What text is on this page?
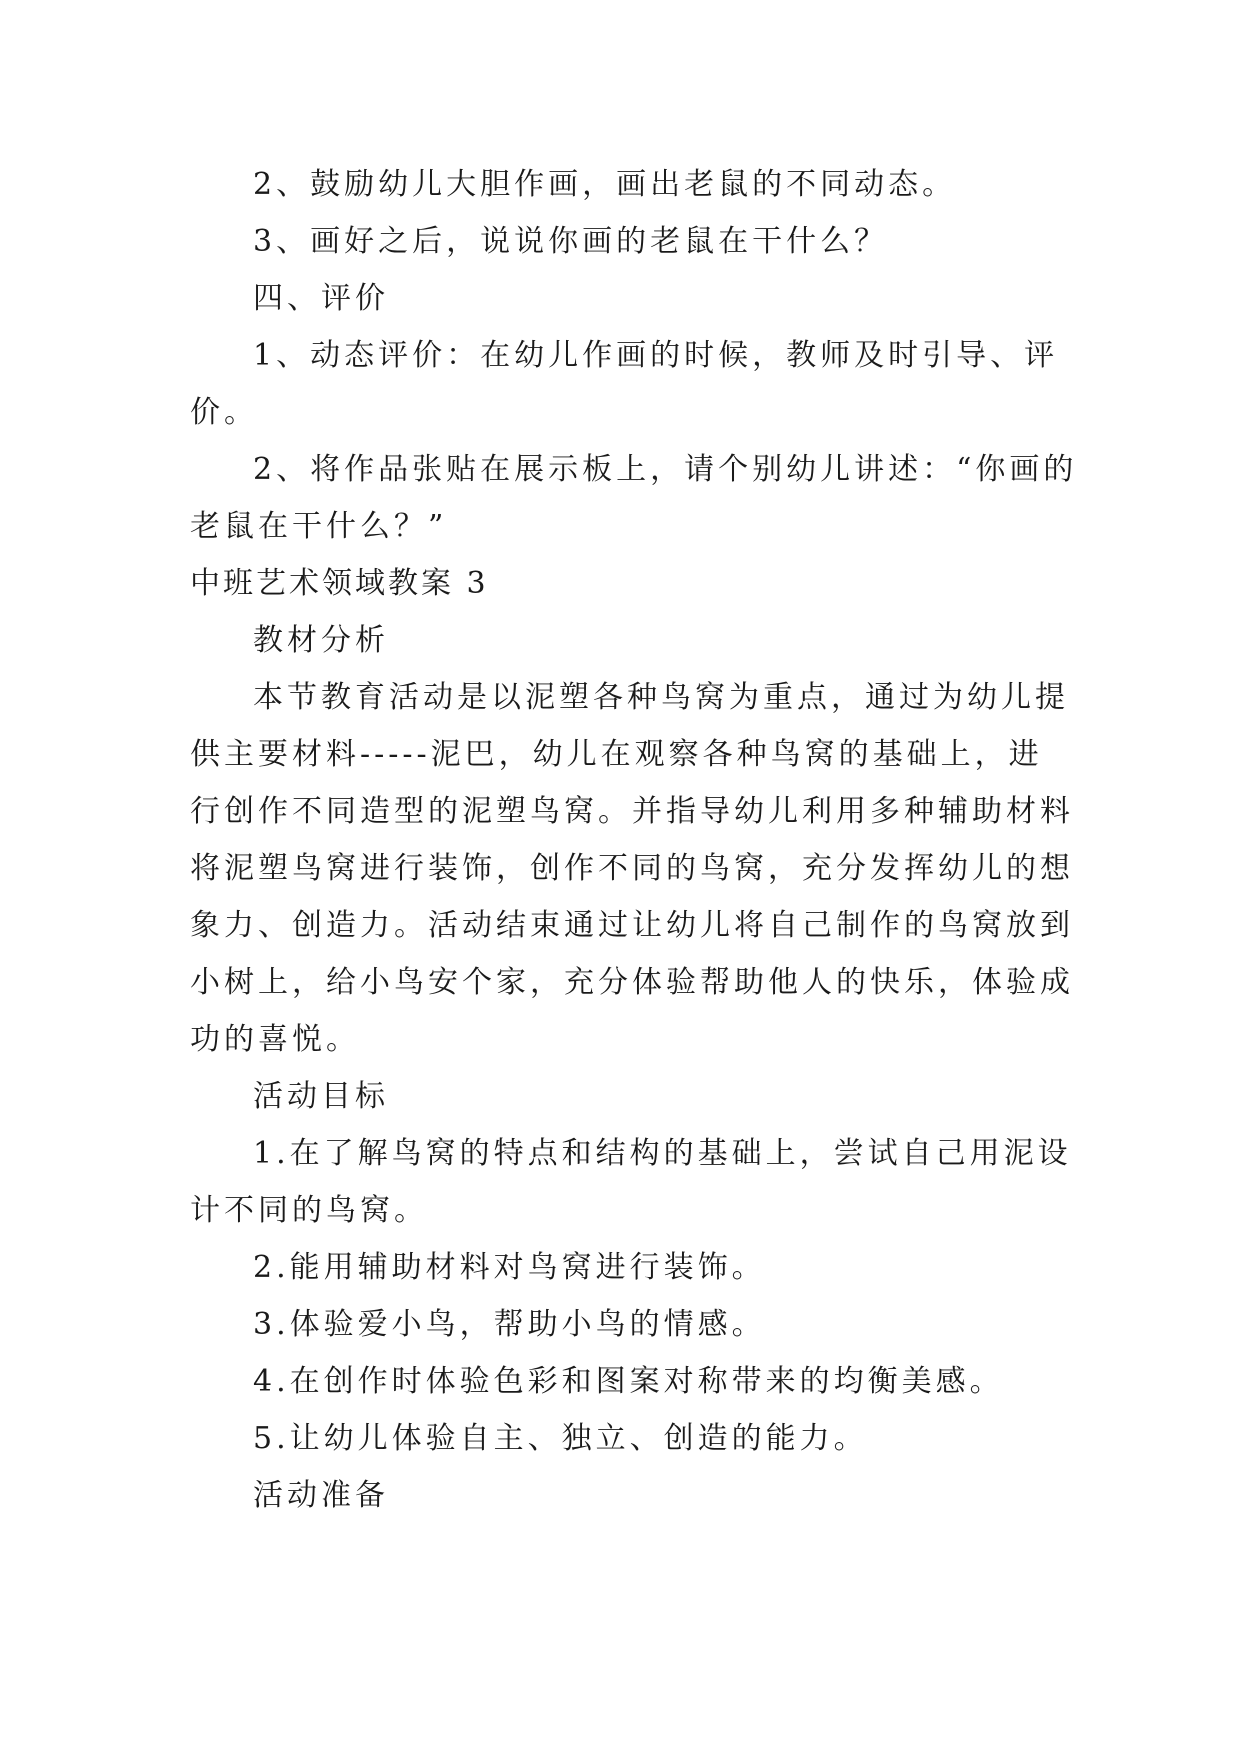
2、鼓励幼儿大胆作画，画出老鼠的不同动态。
3、画好之后，说说你画的老鼠在干什么？
四、评价
1、动态评价：在幼儿作画的时候，教师及时引导、评
价。
2、将作品张贴在展示板上，请个别幼儿讲述：“你画的
老鼠在干什么？”
中班艺术领域教案 3
教材分析
本节教育活动是以泥塑各种鸟窝为重点，通过为幼儿提
供主要材料-----泥巴，幼儿在观察各种鸟窝的基础上，进
行创作不同造型的泥塑鸟窝。并指导幼儿利用多种辅助材料
将泥塑鸟窝进行装饰，创作不同的鸟窝，充分发挥幼儿的想
象力、创造力。活动结束通过让幼儿将自己制作的鸟窝放到
小树上，给小鸟安个家，充分体验帮助他人的快乐，体验成
功的喜悦。
活动目标
1.在了解鸟窝的特点和结构的基础上，尝试自己用泥设
计不同的鸟窝。
2.能用辅助材料对鸟窝进行装饰。
3.体验爱小鸟，帮助小鸟的情感。
4.在创作时体验色彩和图案对称带来的均衡美感。
5.让幼儿体验自主、独立、创造的能力。
活动准备
